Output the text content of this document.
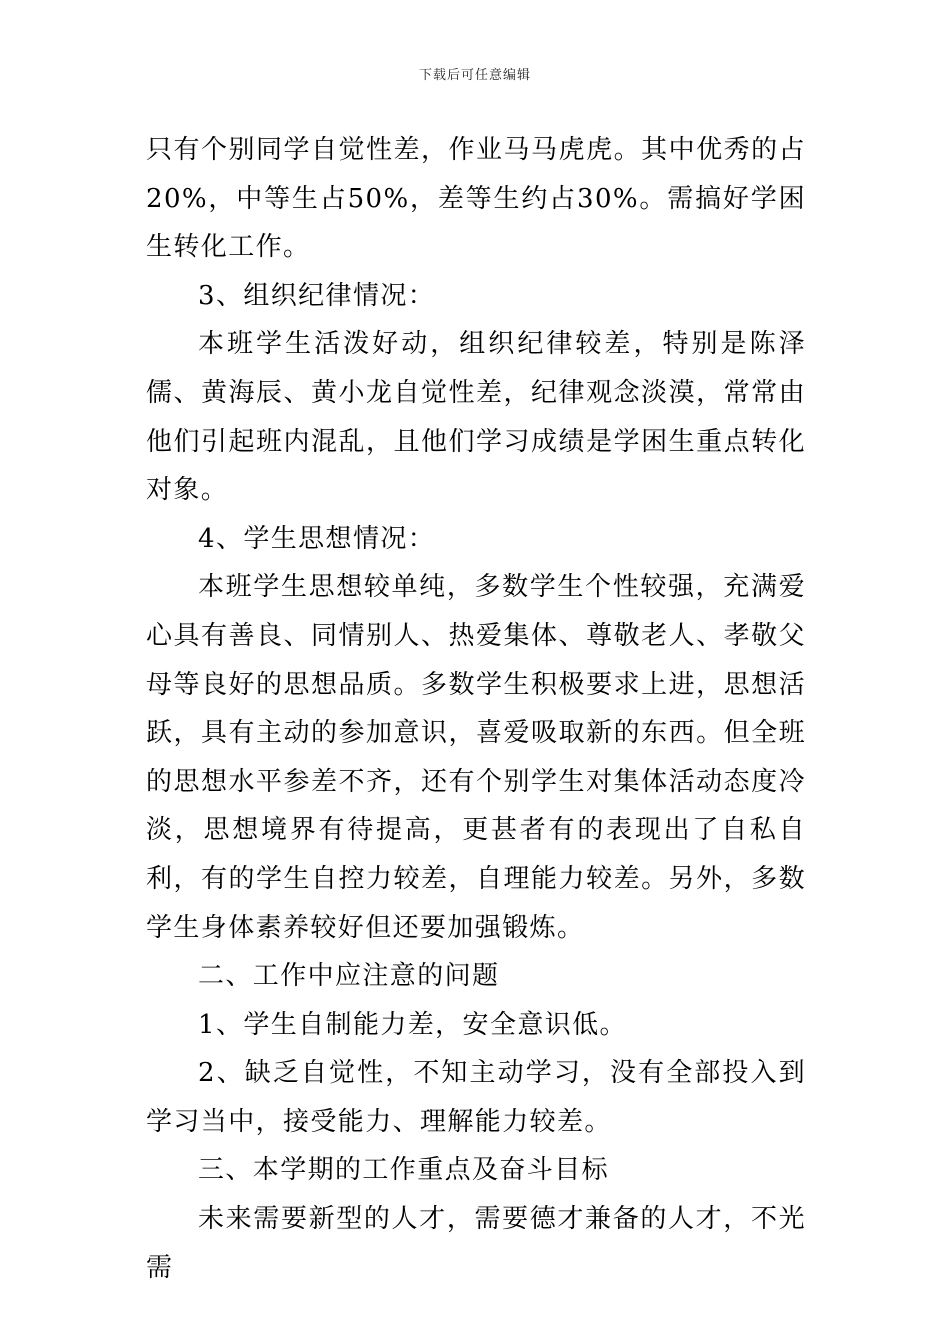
下载后可任意编辑

只有个别同学自觉性差，作业马马虎虎。其中优秀的占20%，中等生占50%，差等生约占30%。需搞好学困生转化工作。

3、组织纪律情况：

本班学生活泼好动，组织纪律较差，特别是陈泽儒、黄海辰、黄小龙自觉性差，纪律观念淡漠，常常由他们引起班内混乱，且他们学习成绩是学困生重点转化对象。

4、学生思想情况：

本班学生思想较单纯，多数学生个性较强，充满爱心具有善良、同情别人、热爱集体、尊敬老人、孝敬父母等良好的思想品质。多数学生积极要求上进，思想活跃，具有主动的参加意识，喜爱吸取新的东西。但全班的思想水平参差不齐，还有个别学生对集体活动态度冷淡，思想境界有待提高，更甚者有的表现出了自私自利，有的学生自控力较差，自理能力较差。另外，多数学生身体素养较好但还要加强锻炼。

二、工作中应注意的问题

1、学生自制能力差，安全意识低。

2、缺乏自觉性，不知主动学习，没有全部投入到学习当中，接受能力、理解能力较差。

三、本学期的工作重点及奋斗目标

未来需要新型的人才，需要德才兼备的人才，不光需
